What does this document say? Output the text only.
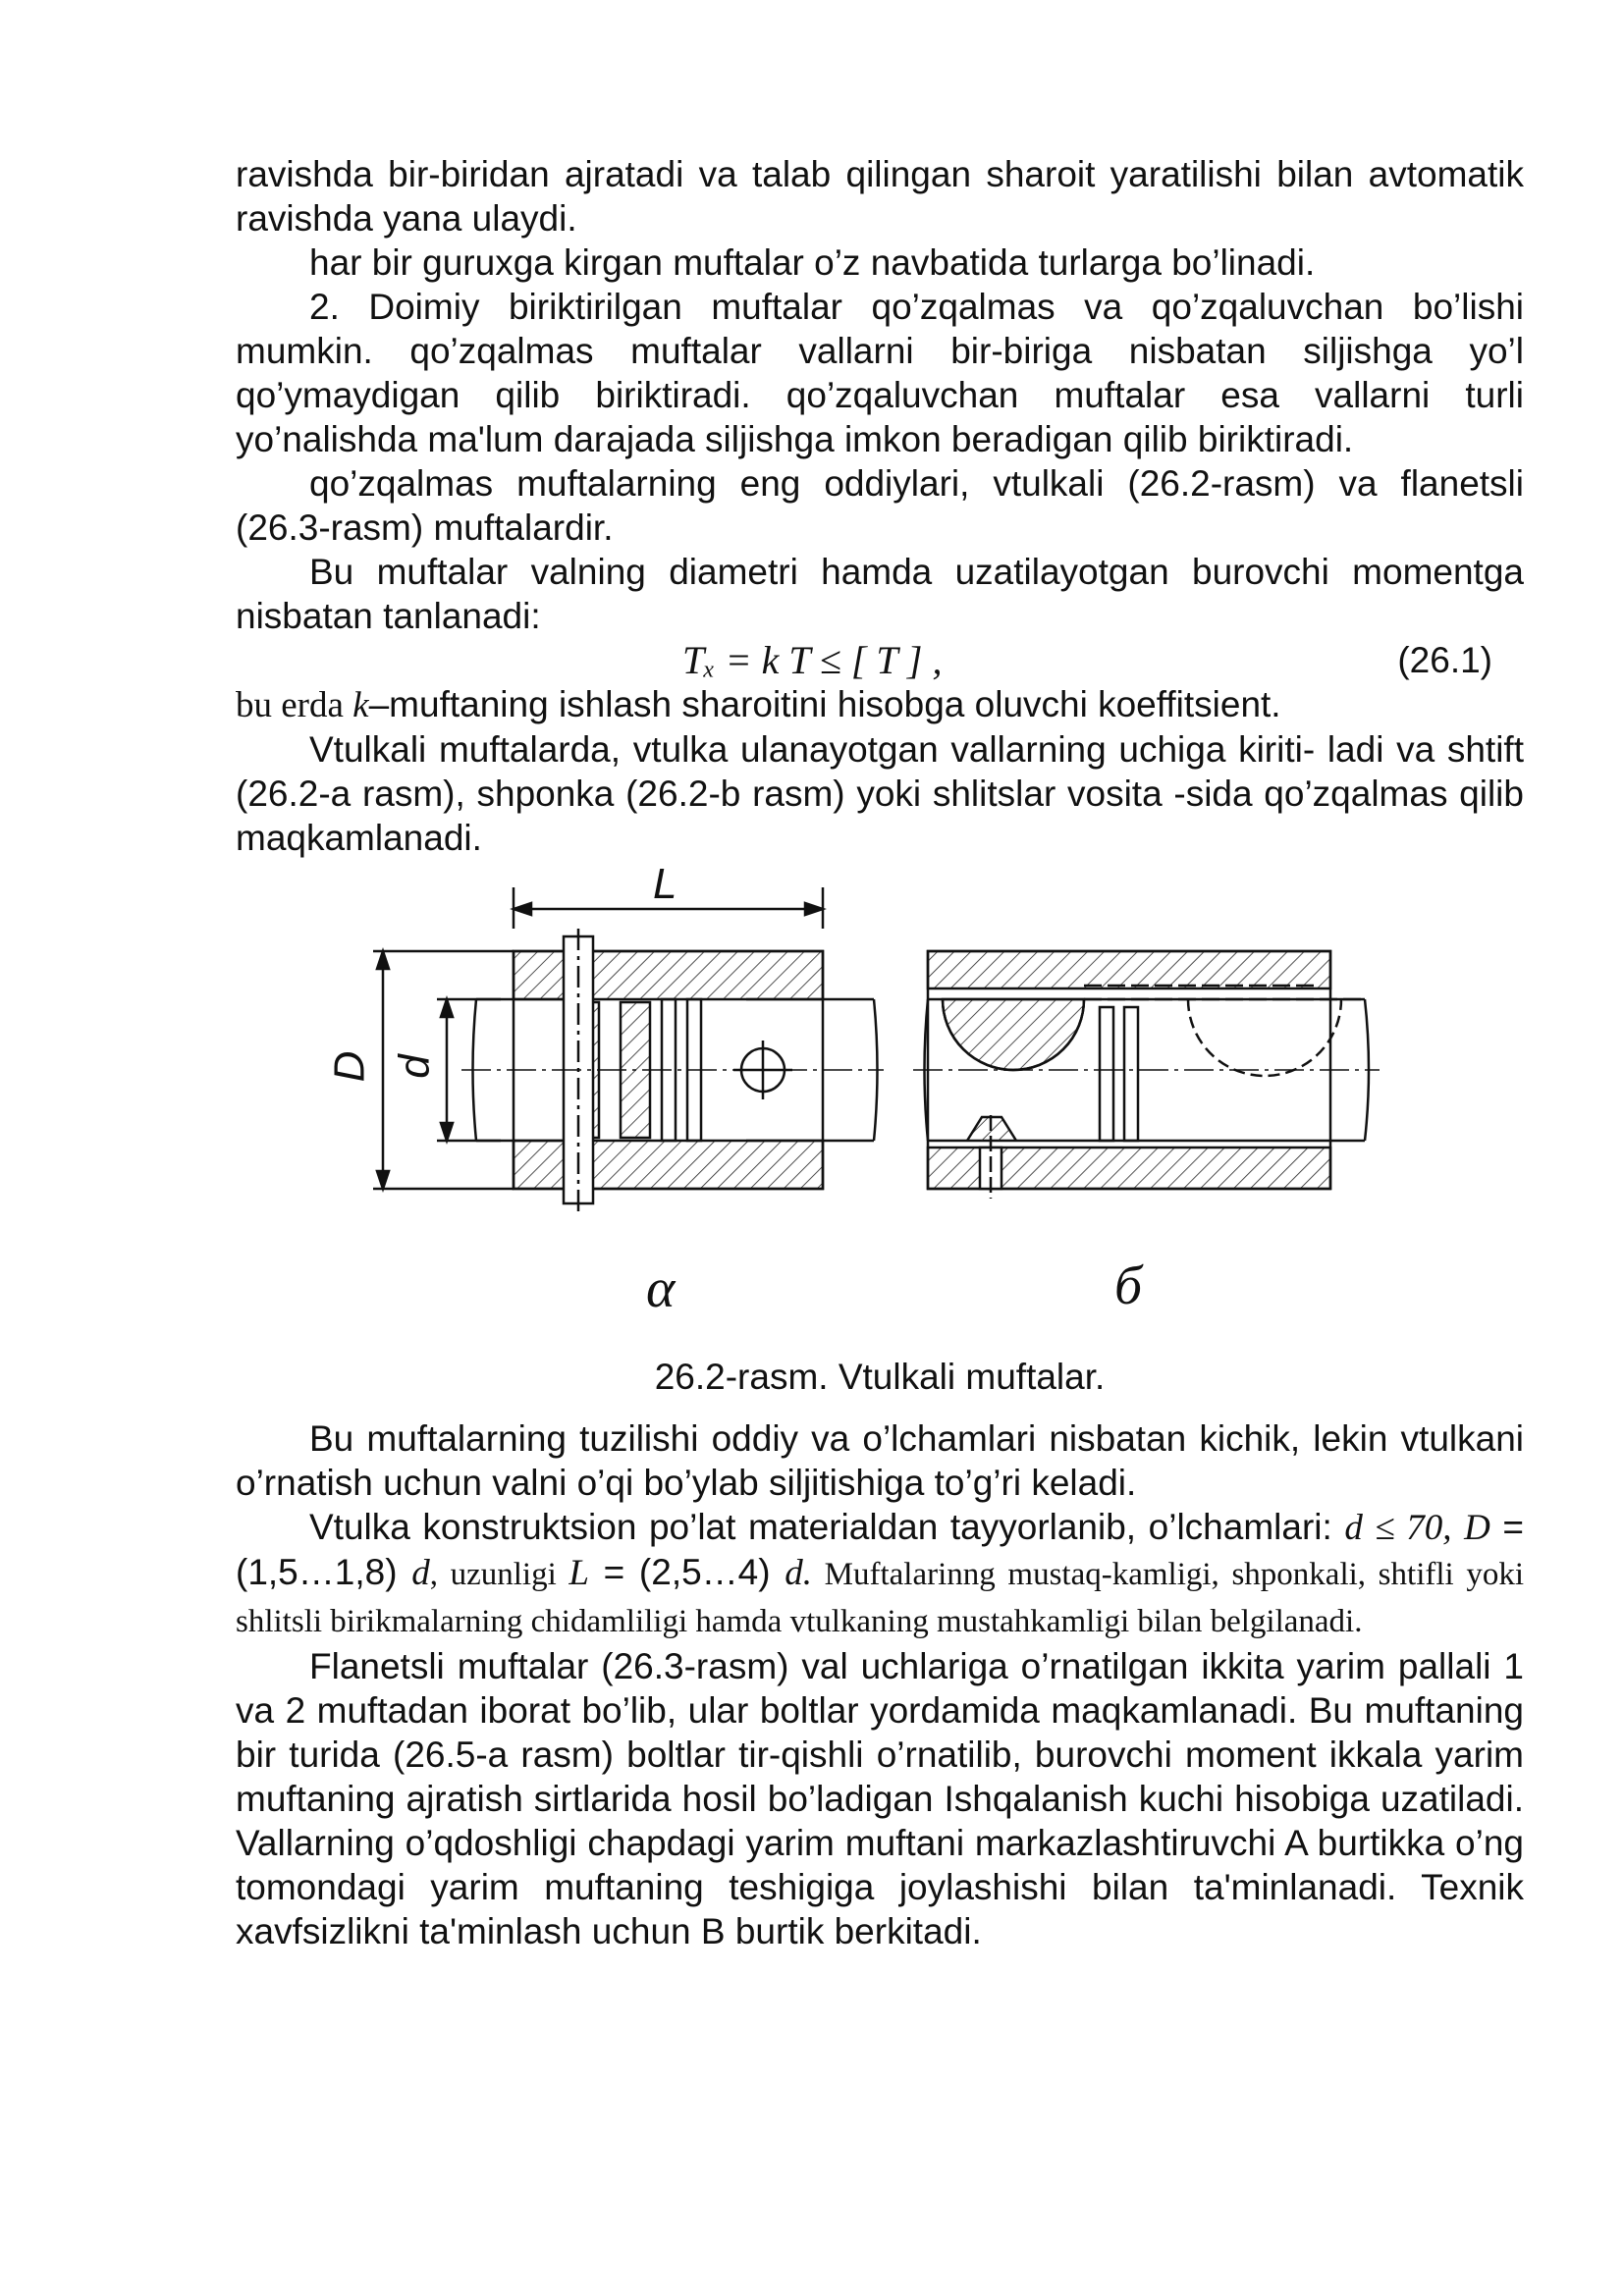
ravishda bir-biridan ajratadi va talab qilingan sharoit yaratilishi bilan avtomatik ravishda yana ulaydi.

har bir guruxga kirgan muftalar o’z navbatida turlarga bo’linadi.

2. Doimiy biriktirilgan muftalar qo’zqalmas va qo’zqaluvchan bo’lishi mumkin. qo’zqalmas muftalar vallarni bir-biriga nisbatan siljishga yo’l qo’ymaydigan qilib biriktiradi. qo’zqaluvchan muftalar esa vallarni turli yo’nalishda ma'lum darajada siljishga imkon beradigan qilib biriktiradi.

qo’zqalmas muftalarning eng oddiylari, vtulkali (26.2-rasm) va flanetsli (26.3-rasm) muftalardir.

Bu muftalar valning diametri hamda uzatilayotgan burovchi momentga nisbatan tanlanadi:

Tₓ = k T ≤ [ T ] ,	(26.1)

bu erda k–muftaning ishlash sharoitini hisobga oluvchi koeffitsient.

Vtulkali muftalarda, vtulka ulanayotgan vallarning uchiga kiriti- ladi va shtift (26.2-a rasm), shponka (26.2-b rasm) yoki shlitslar vosita -sida qo’zqalmas qilib maqkamlanadi.

L
D d
α	б

26.2-rasm. Vtulkali muftalar.

Bu muftalarning tuzilishi oddiy va o’lchamlari nisbatan kichik, lekin vtulkani o’rnatish uchun valni o’qi bo’ylab siljitishiga to’g’ri keladi.

Vtulka konstruktsion po’lat materialdan tayyorlanib, o’lchamlari: d ≤ 70, D = (1,5…1,8) d, uzunligi L = (2,5…4) d. Muftalarinng mustaq-kamligi, shponkali, shtifli yoki shlitsli birikmalarning chidamliligi hamda vtulkaning mustahkamligi bilan belgilanadi.

Flanetsli muftalar (26.3-rasm) val uchlariga o’rnatilgan ikkita yarim pallali 1 va 2 muftadan iborat bo’lib, ular boltlar yordamida maqkamlanadi. Bu muftaning bir turida (26.5-a rasm) boltlar tir-qishli o’rnatilib, burovchi moment ikkala yarim muftaning ajratish sirtlarida hosil bo’ladigan Ishqalanish kuchi hisobiga uzatiladi. Vallarning o’qdoshligi chapdagi yarim muftani markazlashtiruvchi A burtikka o’ng tomondagi yarim muftaning teshigiga joylashishi bilan ta'minlanadi. Texnik xavfsizlikni ta'minlash uchun B burtik berkitadi.
